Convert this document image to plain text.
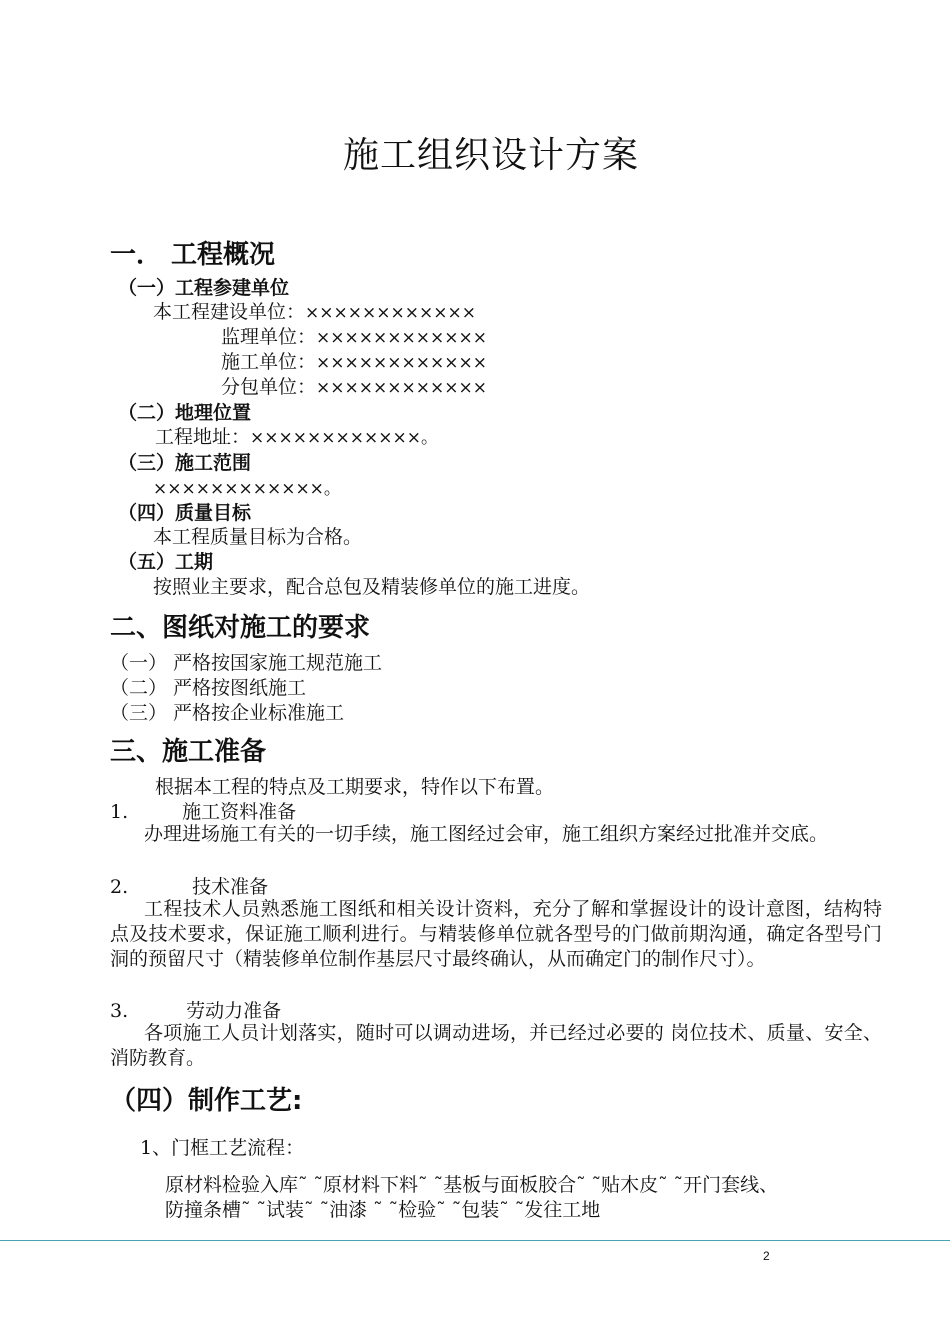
施工组织设计方案
一． 工程概况
（一）工程参建单位
本工程建设单位：××××××××××××
监理单位：××××××××××××
施工单位：××××××××××××
分包单位：××××××××××××
（二）地理位置
工程地址：××××××××××××。
（三）施工范围
××××××××××××。
（四）质量目标
本工程质量目标为合格。
（五）工期
按照业主要求，配合总包及精装修单位的施工进度。
二、图纸对施工的要求
（一） 严格按国家施工规范施工
（二） 严格按图纸施工
（三） 严格按企业标准施工
三、施工准备
根据本工程的特点及工期要求，特作以下布置。
1.	施工资料准备
办理进场施工有关的一切手续，施工图经过会审，施工组织方案经过批准并交底。
2.	技术准备
工程技术人员熟悉施工图纸和相关设计资料，充分了解和掌握设计的设计意图，结构特点及技术要求，保证施工顺利进行。与精装修单位就各型号的门做前期沟通，确定各型号门洞的预留尺寸（精装修单位制作基层尺寸最终确认，从而确定门的制作尺寸）。
3.	劳动力准备
各项施工人员计划落实，随时可以调动进场，并已经过必要的 岗位技术、质量、安全、消防教育。
（四）制作工艺:
1、门框工艺流程：
原材料检验入库˜ ˜原材料下料˜ ˜基板与面板胶合˜ ˜贴木皮˜ ˜开门套线、
防撞条槽˜ ˜试装˜ ˜油漆 ˜ ˜检验˜ ˜包装˜ ˜发往工地
2
